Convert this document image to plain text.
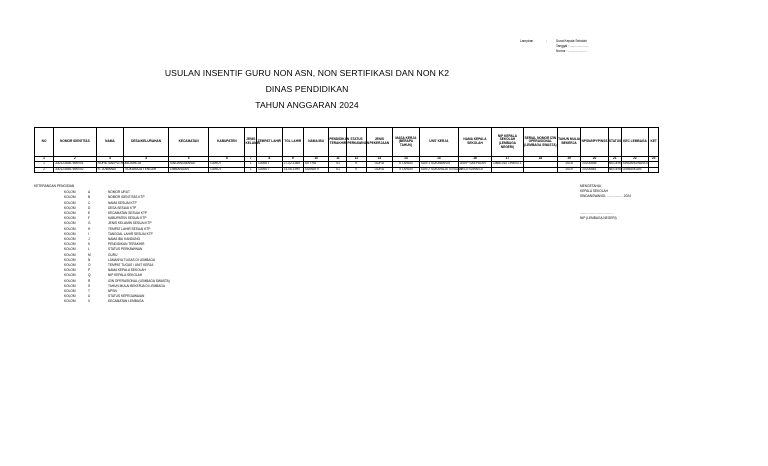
Lampiran	:	Surat Kepala Sekolah
Tanggal : .....................
Nomor : .....................
USULAN INSENTIF GURU NON ASN, NON SERTIFIKASI DAN NON K2
DINAS PENDIDIKAN
TAHUN ANGGARAN 2024
NO	NOMOR IDENTITAS	NAMA	DESA/KELURAHAN	KECAMATAN	KABUPATEN	JENIS KELAMIN	TEMPAT LAHIR	TGL LAHIR	NAMA IBU	PENDIDIKAN TERAKHIR	STATUS PERKAWINAN	JENIS PEKERJAAN	MASA KERJA (BERAPA TAHUN)	UNIT KERJA	NAMA KEPALA SEKOLAH	NIP KEPALA SEKOLAH (LEMBAGA NEGERI)	SERIAL NOMOR IZIN OPERASIONAL (LEMBAGA SWASTA)	TAHUN MULAI BEKERJA	NPSN/NPYP/NSS	STATUS	KEC LEMBAGA	KET
1	2	3	4	5	6	7	8	9	10	11	12	13	14	15	16	17	18	19	20	21	22	23
1	3301234567890001	ROHIL SAEPUTRO	SIDAREJA	SINDANGWANGI	GARUT	L	GARUT	27-02-1985	SITI RA	S1	K	GURU	6 TAHUN	SDN 1 SUKAWANGI	ASEP SAEPUDIN	19681010 199003 1		2018	20200858	NEGERI	SINDANGWANGI	
2	3301234567890002	R. JUWANDI	SUKARAJA TENGAH	LIMBANGAN	GARUT	L	GARUT	14-06-1990	SUMARTI	S1	K	GURU	5 TAHUN	SDN 2 SUKARAJA TENGAH	DEDI SUHAEDI			2019	20200861	NEGERI	LIMBANGAN	
KETERANGAN PENGISIAN
KOLOM	A	NOMOR URUT
KOLOM	B	NOMOR IDENTITAS KTP
KOLOM	C	NAMA SESUAI KTP
KOLOM	D	DESA SESUAI KTP
KOLOM	E	KECAMATAN SESUAI KTP
KOLOM	F	KABUPATEN SESUAI KTP
KOLOM	G	JENIS KELAMIN SESUAI KTP
KOLOM	H	TEMPAT LAHIR SESUAI KTP
KOLOM	I	TANGGAL LAHIR SESUAI KTP
KOLOM	J	NAMA IBU KANDUNG
KOLOM	K	PENDIDIKAN TERAKHIR
KOLOM	L	STATUS PERKAWINAN
KOLOM	M	GURU
KOLOM	N	LAMANYA TUGAS DI LEMBAGA
KOLOM	O	TEMPAT TUGAS / UNIT KERJA
KOLOM	P	NAMA KEPALA SEKOLAH
KOLOM	Q	NIP KEPALA SEKOLAH
KOLOM	R	IZIN OPERASIONAL (LEMBAGA SWASTA)
KOLOM	S	TAHUN MULAI BEKERJA DI LEMBAGA
KOLOM	T	NPSN
KOLOM	U	STATUS KEPEGAWAIAN
KOLOM	V	KECAMATAN LEMBAGA
MENGETAHUI
KEPALA SEKOLAH
SINDANGWANGI, .................. 2024
......................................
NIP (LEMBAGA NEGERI)
